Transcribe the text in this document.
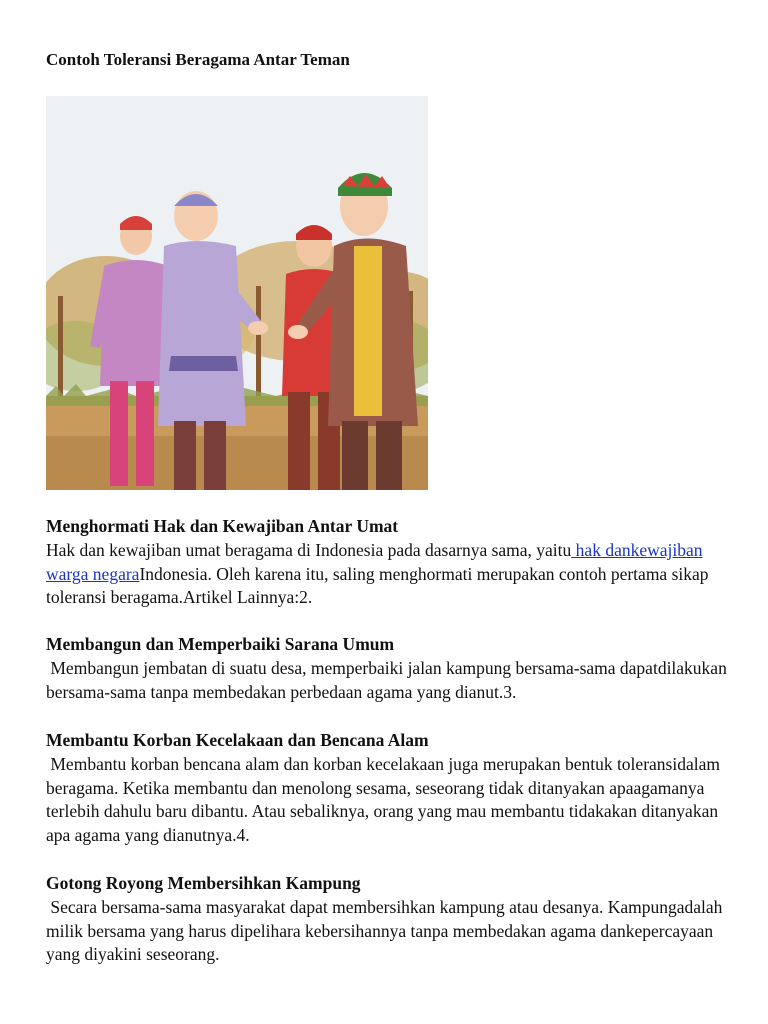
Contoh Toleransi Beragama Antar Teman
Menghormati Hak dan Kewajiban Antar Umat

Hak dan kewajiban umat beragama di Indonesia pada dasarnya sama, yaitu hak dankewajiban warga negaraIndonesia. Oleh karena itu, saling menghormati merupakan contoh pertama sikap toleransi beragama.Artikel Lainnya:2.

Membangun dan Memperbaiki Sarana Umum

Membangun jembatan di suatu desa, memperbaiki jalan kampung bersama-sama dapatdilakukan bersama-sama tanpa membedakan perbedaan agama yang dianut.3.

Membantu Korban Kecelakaan dan Bencana Alam

Membantu korban bencana alam dan korban kecelakaan juga merupakan bentuk toleransidalam beragama. Ketika membantu dan menolong sesama, seseorang tidak ditanyakan apaagamanya terlebih dahulu baru dibantu. Atau sebaliknya, orang yang mau membantu tidakakan ditanyakan apa agama yang dianutnya.4.

Gotong Royong Membersihkan Kampung

Secara bersama-sama masyarakat dapat membersihkan kampung atau desanya. Kampungadalah milik bersama yang harus dipelihara kebersihannya tanpa membedakan agama dankepercayaan yang diyakini seseorang.
